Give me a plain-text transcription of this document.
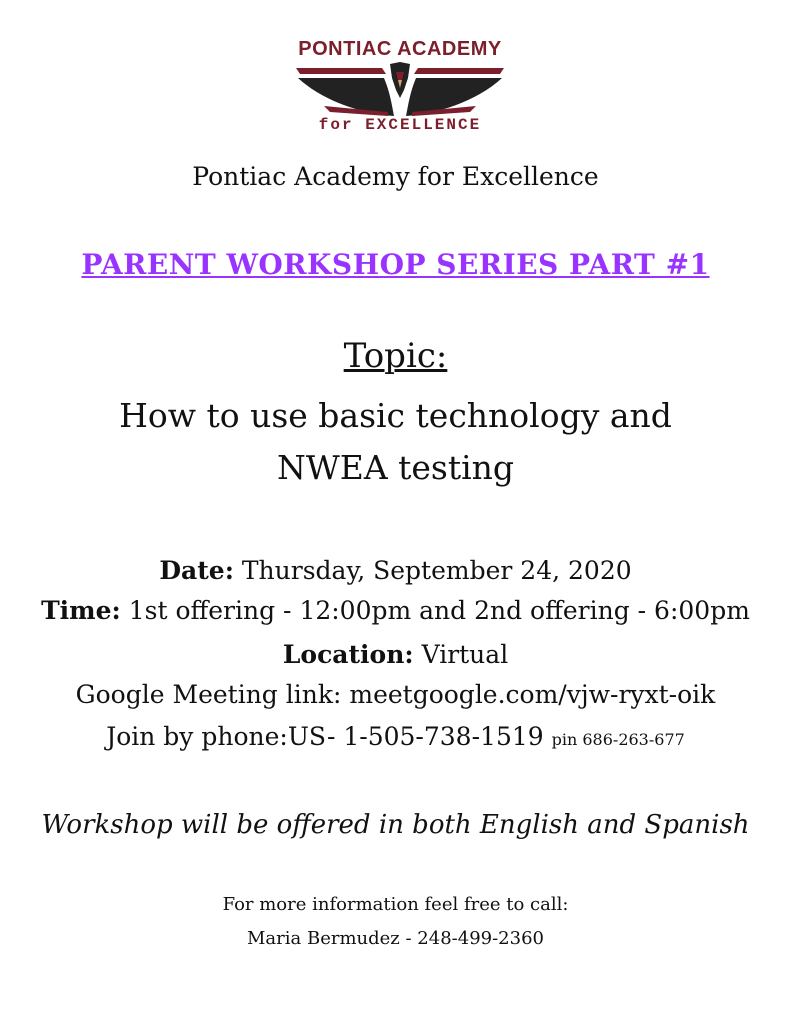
PONTIAC ACADEMY
for EXCELLENCE
Pontiac Academy for Excellence
PARENT WORKSHOP SERIES PART #1
Topic:
How to use basic technology and NWEA testing
Date: Thursday, September 24, 2020
Time: 1st offering - 12:00pm and 2nd offering - 6:00pm
Location: Virtual
Google Meeting link: meetgoogle.com/vjw-ryxt-oik
Join by phone:US- 1-505-738-1519 pin 686-263-677
Workshop will be offered in both English and Spanish
For more information feel free to call:
Maria Bermudez - 248-499-2360
